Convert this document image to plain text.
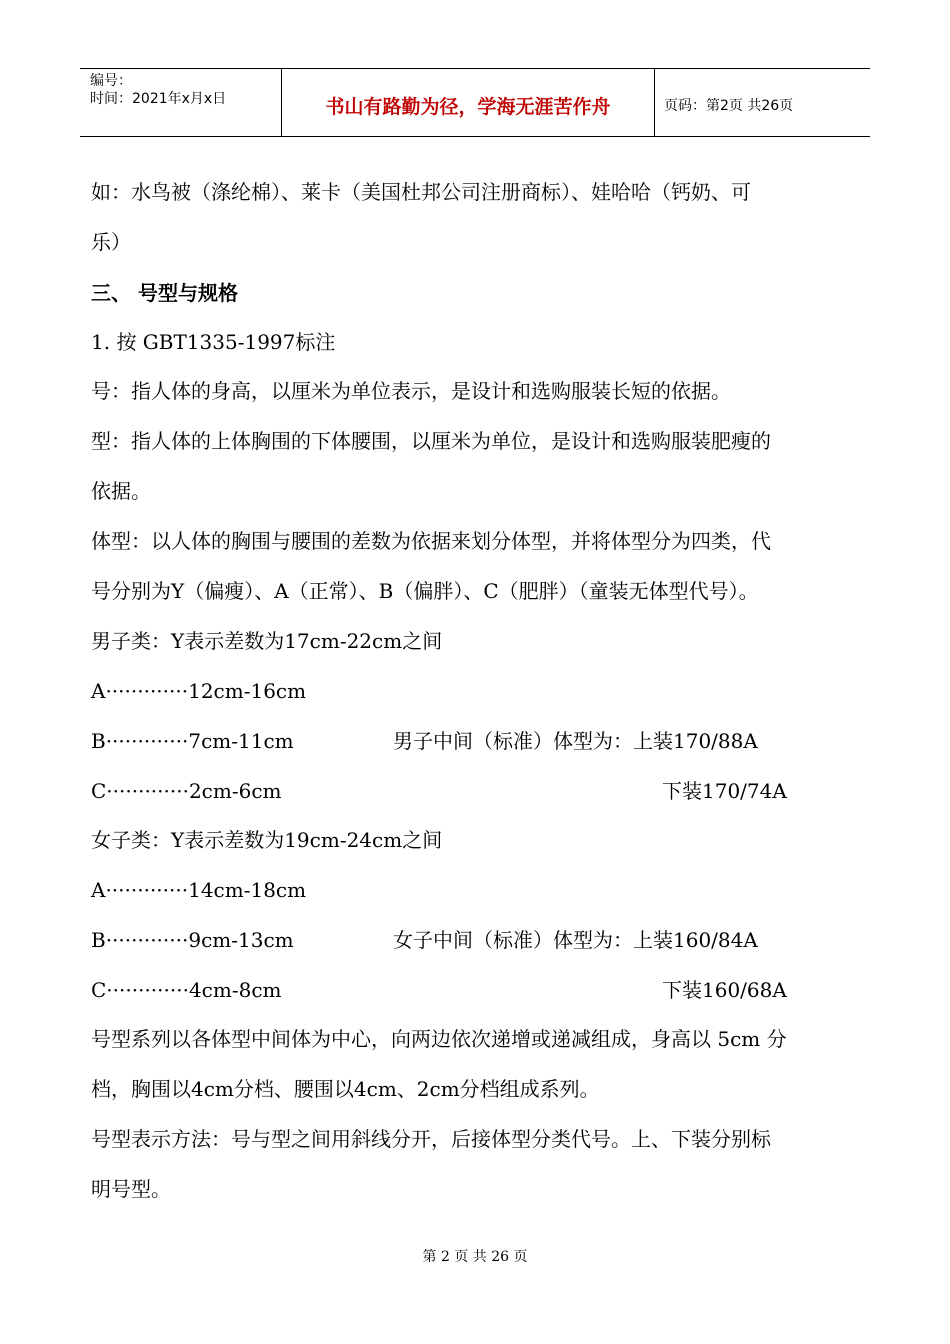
编号：
时间：2021年x月x日	书山有路勤为径，学海无涯苦作舟	页码：第2页 共26页
如：水鸟被（涤纶棉）、莱卡（美国杜邦公司注册商标）、娃哈哈（钙奶、可
乐）
三、 号型与规格
1. 按 GBT1335-1997标注
号：指人体的身高，以厘米为单位表示，是设计和选购服装长短的依据。
型：指人体的上体胸围的下体腰围，以厘米为单位，是设计和选购服装肥瘦的
依据。
体型：以人体的胸围与腰围的差数为依据来划分体型，并将体型分为四类，代
号分别为Y（偏瘦）、A（正常）、B（偏胖）、C（肥胖）（童装无体型代号）。
男子类：Y表示差数为17cm-22cm之间
A·············12cm-16cm
B·············7cm-11cm	男子中间（标准）体型为：上装170/88A
C·············2cm-6cm	下装170/74A
女子类：Y表示差数为19cm-24cm之间
A·············14cm-18cm
B·············9cm-13cm	女子中间（标准）体型为：上装160/84A
C·············4cm-8cm	下装160/68A
号型系列以各体型中间体为中心，向两边依次递增或递减组成，身高以 5cm 分
档，胸围以4cm分档、腰围以4cm、2cm分档组成系列。
号型表示方法：号与型之间用斜线分开，后接体型分类代号。上、下装分别标
明号型。
第 2 页 共 26 页
